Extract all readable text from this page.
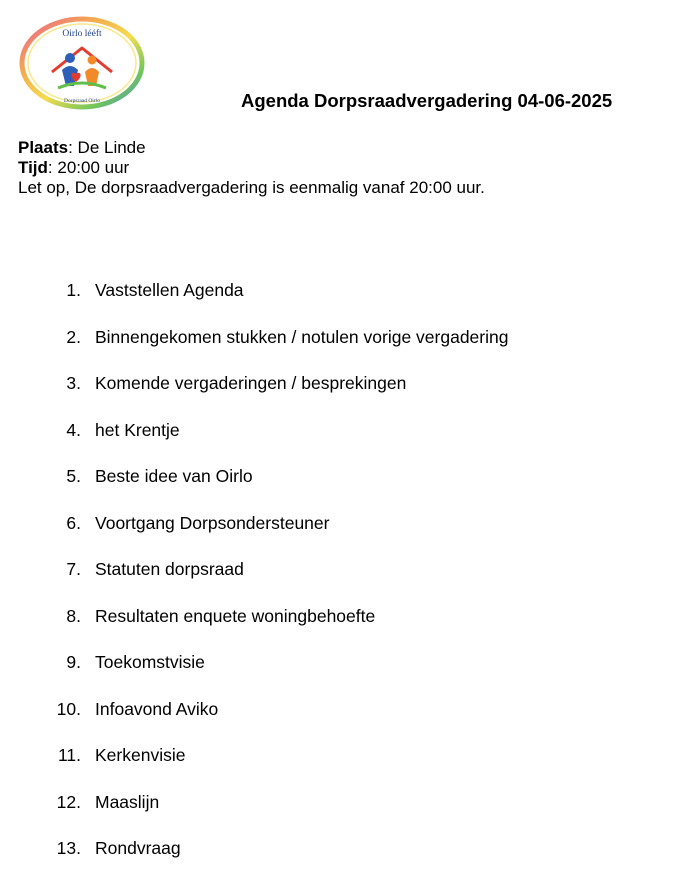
Oirlo lééft
Dorpsraad Oirlo	Agenda Dorpsraadvergadering 04-06-2025
Plaats: De Linde
Tijd: 20:00 uur
Let op, De dorpsraadvergadering is eenmalig vanaf 20:00 uur.
1. Vaststellen Agenda
2. Binnengekomen stukken / notulen vorige vergadering
3. Komende vergaderingen / besprekingen
4. het Krentje
5. Beste idee van Oirlo
6. Voortgang Dorpsondersteuner
7. Statuten dorpsraad
8. Resultaten enquete woningbehoefte
9. Toekomstvisie
10. Infoavond Aviko
11. Kerkenvisie
12. Maaslijn
13. Rondvraag
